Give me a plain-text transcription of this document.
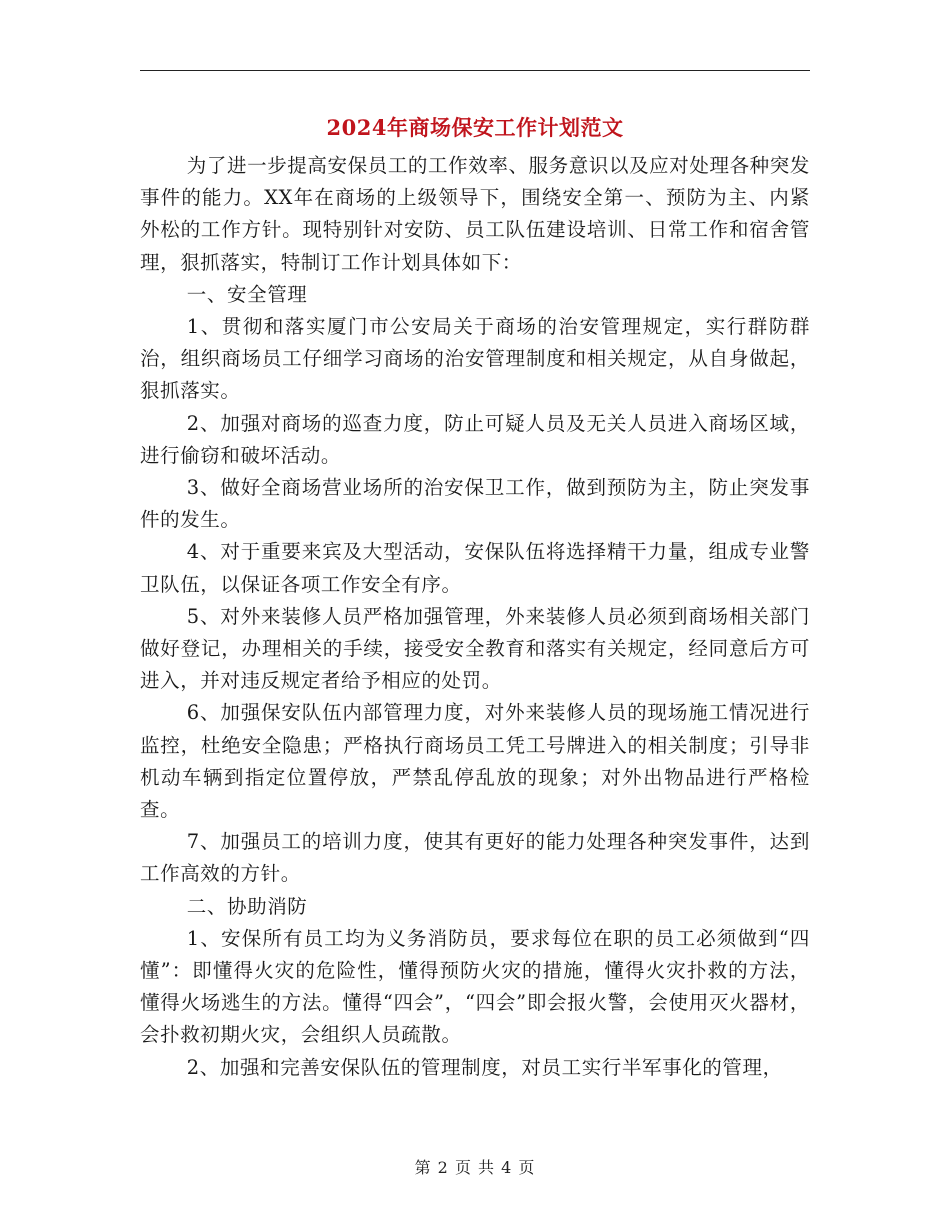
2024年商场保安工作计划范文

为了进一步提高安保员工的工作效率、服务意识以及应对处理各种突发事件的能力。XX年在商场的上级领导下，围绕安全第一、预防为主、内紧外松的工作方针。现特别针对安防、员工队伍建设培训、日常工作和宿舍管理，狠抓落实，特制订工作计划具体如下：

一、安全管理

1、贯彻和落实厦门市公安局关于商场的治安管理规定，实行群防群治，组织商场员工仔细学习商场的治安管理制度和相关规定，从自身做起，狠抓落实。

2、加强对商场的巡查力度，防止可疑人员及无关人员进入商场区域，进行偷窃和破坏活动。

3、做好全商场营业场所的治安保卫工作，做到预防为主，防止突发事件的发生。

4、对于重要来宾及大型活动，安保队伍将选择精干力量，组成专业警卫队伍，以保证各项工作安全有序。

5、对外来装修人员严格加强管理，外来装修人员必须到商场相关部门做好登记，办理相关的手续，接受安全教育和落实有关规定，经同意后方可进入，并对违反规定者给予相应的处罚。

6、加强保安队伍内部管理力度，对外来装修人员的现场施工情况进行监控，杜绝安全隐患；严格执行商场员工凭工号牌进入的相关制度；引导非机动车辆到指定位置停放，严禁乱停乱放的现象；对外出物品进行严格检查。

7、加强员工的培训力度，使其有更好的能力处理各种突发事件，达到工作高效的方针。

二、协助消防

1、安保所有员工均为义务消防员，要求每位在职的员工必须做到“四懂”：即懂得火灾的危险性，懂得预防火灾的措施，懂得火灾扑救的方法，懂得火场逃生的方法。懂得“四会”，“四会”即会报火警，会使用灭火器材，会扑救初期火灾，会组织人员疏散。

2、加强和完善安保队伍的管理制度，对员工实行半军事化的管理，

第 2 页 共 4 页
